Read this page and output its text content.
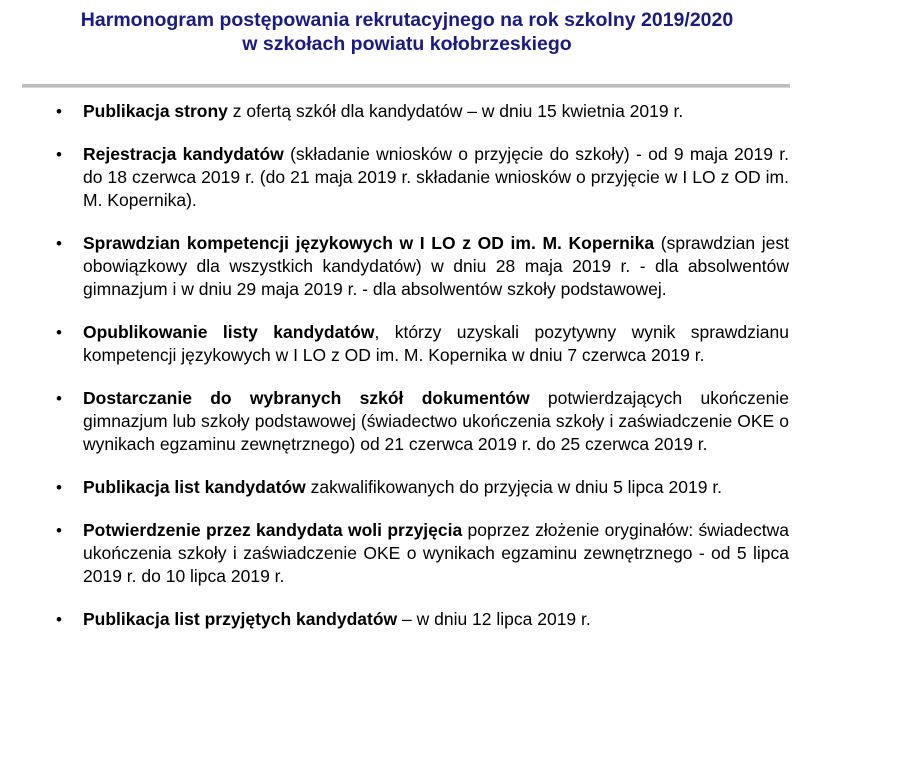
Harmonogram postępowania rekrutacyjnego na rok szkolny 2019/2020
w szkołach powiatu kołobrzeskiego
• Publikacja strony z ofertą szkół dla kandydatów – w dniu 15 kwietnia 2019 r.
• Rejestracja kandydatów (składanie wniosków o przyjęcie do szkoły) - od 9 maja 2019 r. do 18 czerwca 2019 r. (do 21 maja 2019 r. składanie wniosków o przyjęcie w I LO z OD im. M. Kopernika).
• Sprawdzian kompetencji językowych w I LO z OD im. M. Kopernika (sprawdzian jest obowiązkowy dla wszystkich kandydatów) w dniu 28 maja 2019 r. - dla absolwentów gimnazjum i w dniu 29 maja 2019 r. - dla absolwentów szkoły podstawowej.
• Opublikowanie listy kandydatów, którzy uzyskali pozytywny wynik sprawdzianu kompetencji językowych w I LO z OD im. M. Kopernika w dniu 7 czerwca 2019 r.
• Dostarczanie do wybranych szkół dokumentów potwierdzających ukończenie gimnazjum lub szkoły podstawowej (świadectwo ukończenia szkoły i zaświadczenie OKE o wynikach egzaminu zewnętrznego) od 21 czerwca 2019 r. do 25 czerwca 2019 r.
• Publikacja list kandydatów zakwalifikowanych do przyjęcia w dniu 5 lipca 2019 r.
• Potwierdzenie przez kandydata woli przyjęcia poprzez złożenie oryginałów: świadectwa ukończenia szkoły i zaświadczenie OKE o wynikach egzaminu zewnętrznego - od 5 lipca 2019 r. do 10 lipca 2019 r.
• Publikacja list przyjętych kandydatów – w dniu 12 lipca 2019 r.
